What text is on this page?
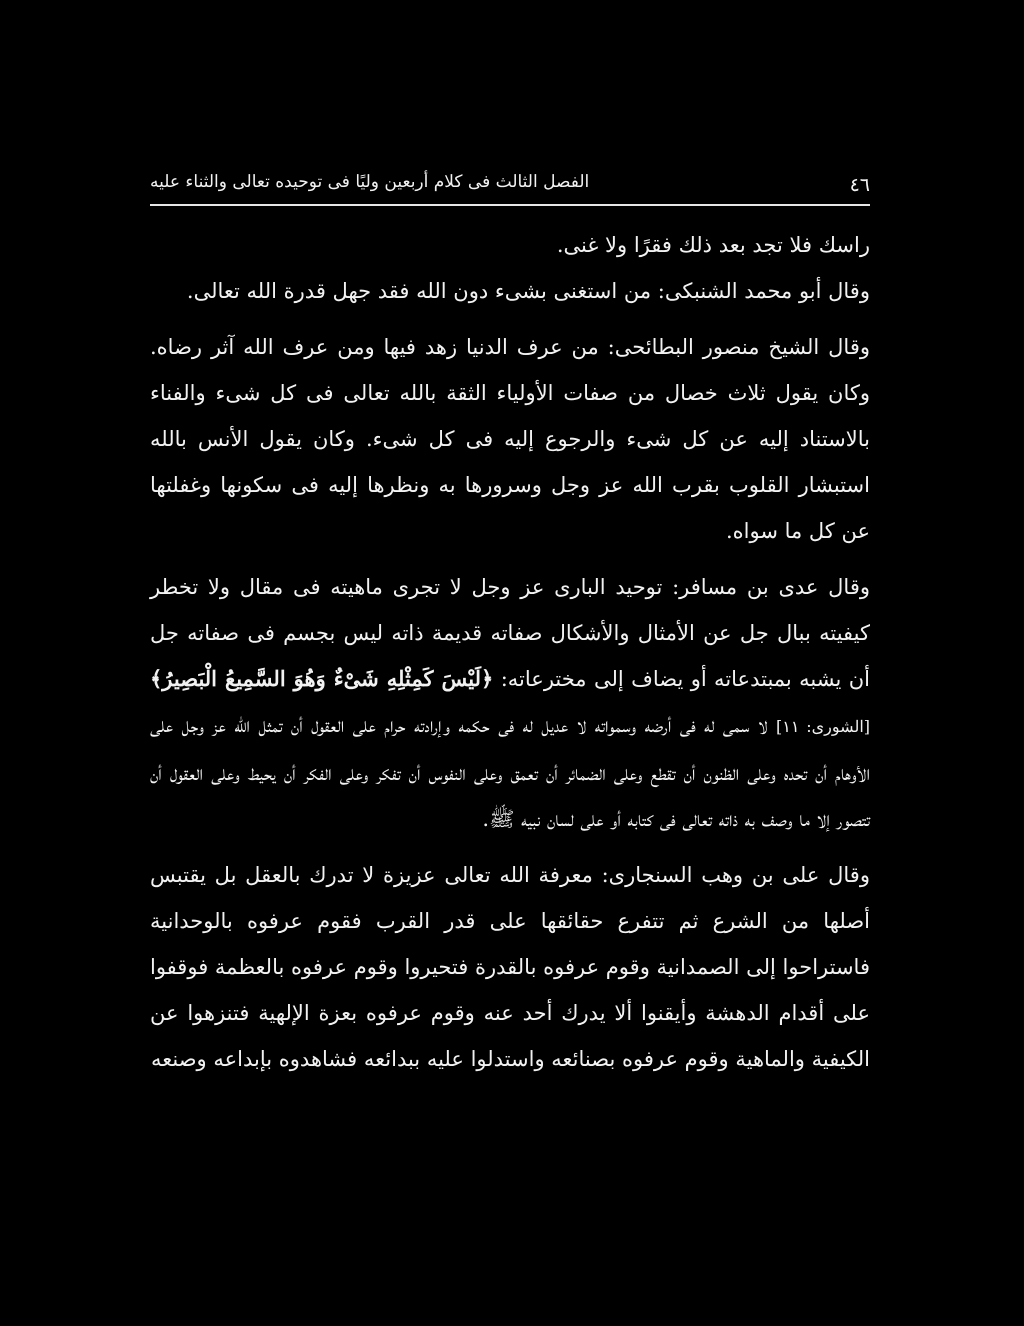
٤٦
الفصل الثالث فى كلام أربعين وليًا فى توحيده تعالى والثناء عليه

راسك فلا تجد بعد ذلك فقرًا ولا غنى.

وقال أبو محمد الشنبكى: من استغنى بشىء دون الله فقد جهل قدرة الله تعالى.

وقال الشيخ منصور البطائحى: من عرف الدنيا زهد فيها ومن عرف الله آثر رضاه. وكان يقول ثلاث خصال من صفات الأولياء الثقة بالله تعالى فى كل شىء والفناء بالاستناد إليه عن كل شىء والرجوع إليه فى كل شىء. وكان يقول الأنس بالله استبشار القلوب بقرب الله عز وجل وسرورها به ونظرها إليه فى سكونها وغفلتها عن كل ما سواه.

وقال عدى بن مسافر: توحيد البارى عز وجل لا تجرى ماهيته فى مقال ولا تخطر كيفيته ببال جل عن الأمثال والأشكال صفاته قديمة ذاته ليس بجسم فى صفاته جل أن يشبه بمبتدعاته أو يضاف إلى مخترعاته: ﴿لَيْسَ كَمِثْلِهِ شَىْءٌ وَهُوَ السَّمِيعُ الْبَصِيرُ﴾ [الشورى: ١١] لا سمى له فى أرضه وسمواته لا عديل له فى حكمه وإرادته حرام على العقول أن تمثل الله عز وجل على الأوهام أن تحده وعلى الظنون أن تقطع وعلى الضمائر أن تعمق وعلى النفوس أن تفكر وعلى الفكر أن يحيط وعلى العقول أن تتصور إلا ما وصف به ذاته تعالى فى كتابه أو على لسان نبيه ﷺ.

وقال على بن وهب السنجارى: معرفة الله تعالى عزيزة لا تدرك بالعقل بل يقتبس أصلها من الشرع ثم تتفرع حقائقها على قدر القرب فقوم عرفوه بالوحدانية فاستراحوا إلى الصمدانية وقوم عرفوه بالقدرة فتحيروا وقوم عرفوه بالعظمة فوقفوا على أقدام الدهشة وأيقنوا ألا يدرك أحد عنه وقوم عرفوه بعزة الإلهية فتنزهوا عن الكيفية والماهية وقوم عرفوه بصنائعه واستدلوا عليه ببدائعه فشاهدوه بإبداعه وصنعه
